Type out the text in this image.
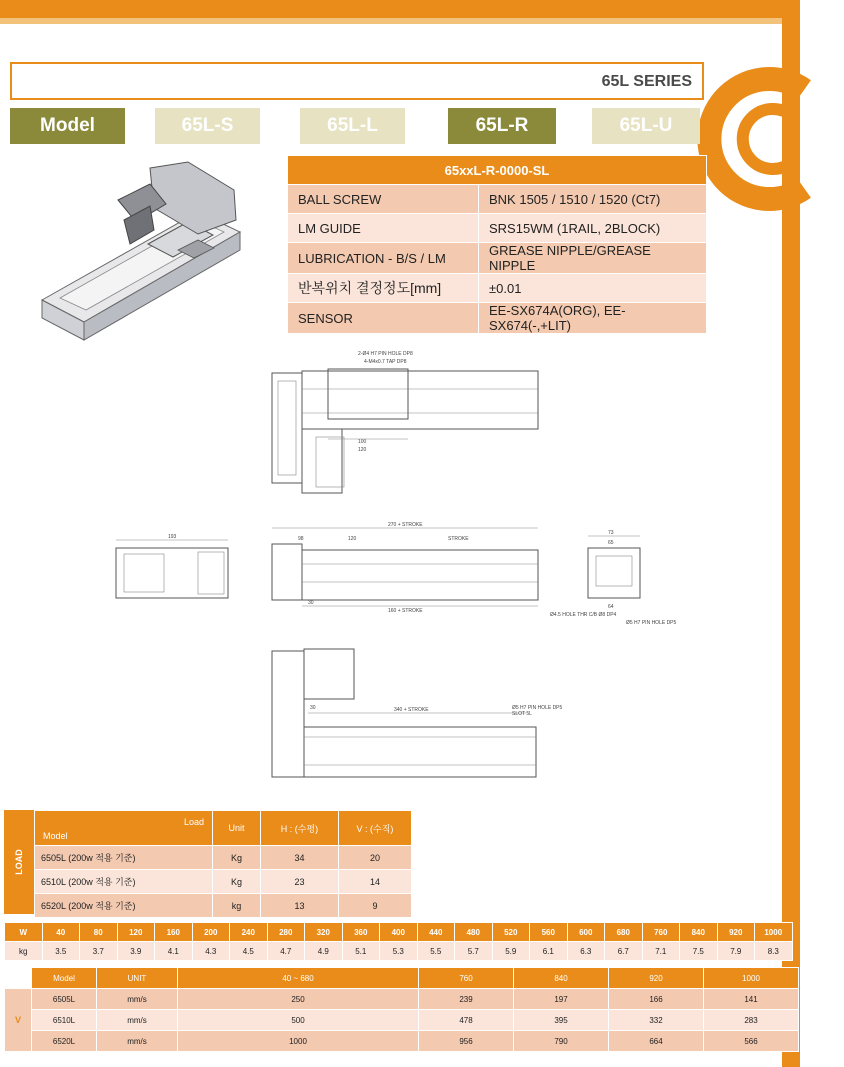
65L SERIES
Model	65L-S	65L-L	65L-R	65L-U
65xxL-R-0000-SL	
BALL SCREW	BNK 1505 / 1510 / 1520 (Ct7)
LM GUIDE	SRS15WM (1RAIL, 2BLOCK)
LUBRICATION - B/S / LM	GREASE NIPPLE/GREASE NIPPLE
반복위치 결정정도[mm]	±0.01
SENSOR	EE-SX674A(ORG), EE-SX674(-,+LIT)
2-Ø4 H7 PIN HOLE DP8
4-M4x0.7 TAP DP8
100
120
193
270 + STROKE
98	120	STROKE
160 + STROKE
30
73
65
64
Ø4.5 HOLE THR C/B Ø8 DP4
Ø5 H7 PIN HOLE DP5
340 + STROKE
30	Ø5 H7 PIN HOLE DP5
SLOT 5L
LOAD
Load
Model	Unit	H : (수평)	V : (수직)
6505L (200w 적용 기준)	Kg	34	20
6510L (200w 적용 기준)	Kg	23	14
6520L (200w 적용 기준)	kg	13	9
W	40	80	120	160	200	240	280	320	360	400	440	480	520	560	600	680	760	840	920	1000
kg	3.5	3.7	3.9	4.1	4.3	4.5	4.7	4.9	5.1	5.3	5.5	5.7	5.9	6.1	6.3	6.7	7.1	7.5	7.9	8.3
	Model	UNIT	40 ~ 680	760	840	920	1000
V	6505L	mm/s	250	239	197	166	141
	6510L	mm/s	500	478	395	332	283
	6520L	mm/s	1000	956	790	664	566
